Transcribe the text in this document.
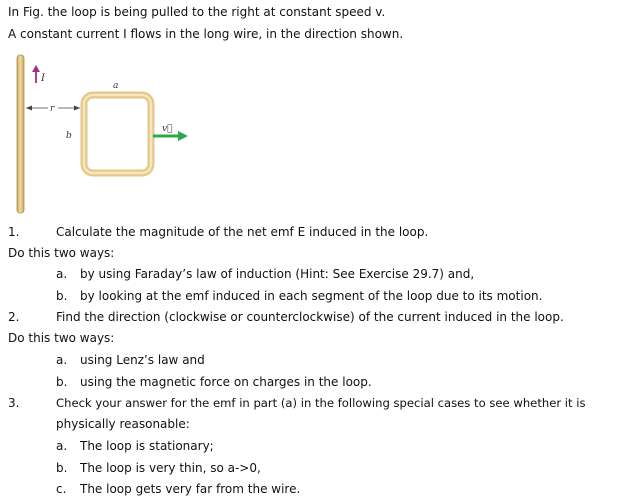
In Fig. the loop is being pulled to the right at constant speed v.
A constant current I flows in the long wire, in the direction shown.
I
r
a
b
v⃗
1.	Calculate the magnitude of the net emf E induced in the loop.
Do this two ways:
a. by using Faraday’s law of induction (Hint: See Exercise 29.7) and,
b. by looking at the emf induced in each segment of the loop due to its motion.
2.	Find the direction (clockwise or counterclockwise) of the current induced in the loop.
Do this two ways:
a. using Lenz’s law and
b. using the magnetic force on charges in the loop.
3.	Check your answer for the emf in part (a) in the following special cases to see whether it is
physically reasonable:
a. The loop is stationary;
b. The loop is very thin, so a->0,
c. The loop gets very far from the wire.
